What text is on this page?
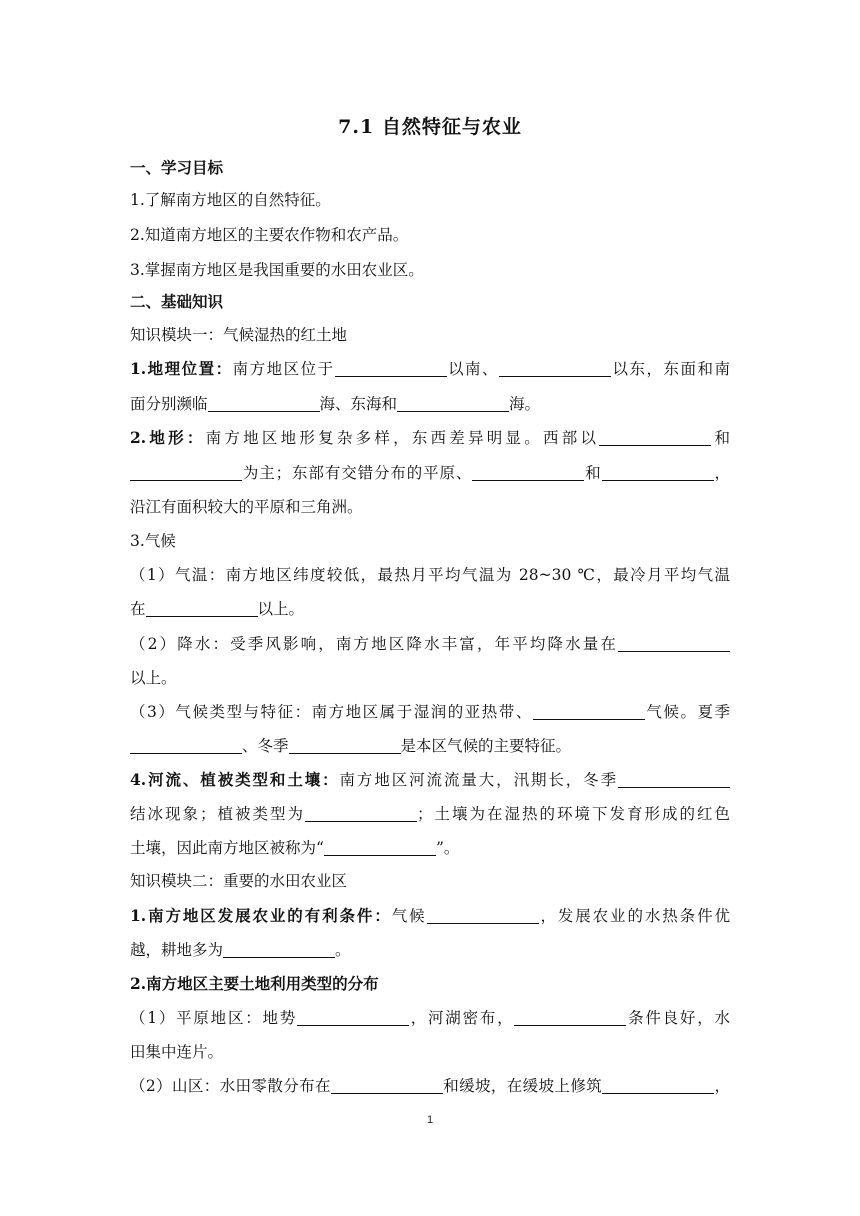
7.1 自然特征与农业
一、学习目标
1.了解南方地区的自然特征。
2.知道南方地区的主要农作物和农产品。
3.掌握南方地区是我国重要的水田农业区。
二、基础知识
知识模块一：气候湿热的红土地
1.地理位置：南方地区位于	以南、	以东，东面和南
面分别濒临	海、东海和	海。
2.地形：南方地区地形复杂多样，东西差异明显。西部以	和
为主；东部有交错分布的平原、	和	，
沿江有面积较大的平原和三角洲。
3.气候
（1）气温：南方地区纬度较低，最热月平均气温为 28~30 ℃，最冷月平均气温
在	以上。
（2）降水：受季风影响，南方地区降水丰富，年平均降水量在
以上。
（3）气候类型与特征：南方地区属于湿润的亚热带、	气候。夏季
、冬季	是本区气候的主要特征。
4.河流、植被类型和土壤：南方地区河流流量大，汛期长，冬季
结冰现象；植被类型为	；土壤为在湿热的环境下发育形成的红色
土壤，因此南方地区被称为“	”。
知识模块二：重要的水田农业区
1.南方地区发展农业的有利条件：气候	，发展农业的水热条件优
越，耕地多为	。
2.南方地区主要土地利用类型的分布
（1）平原地区：地势	，河湖密布，	条件良好，水
田集中连片。
（2）山区：水田零散分布在	和缓坡，在缓坡上修筑	，
1
